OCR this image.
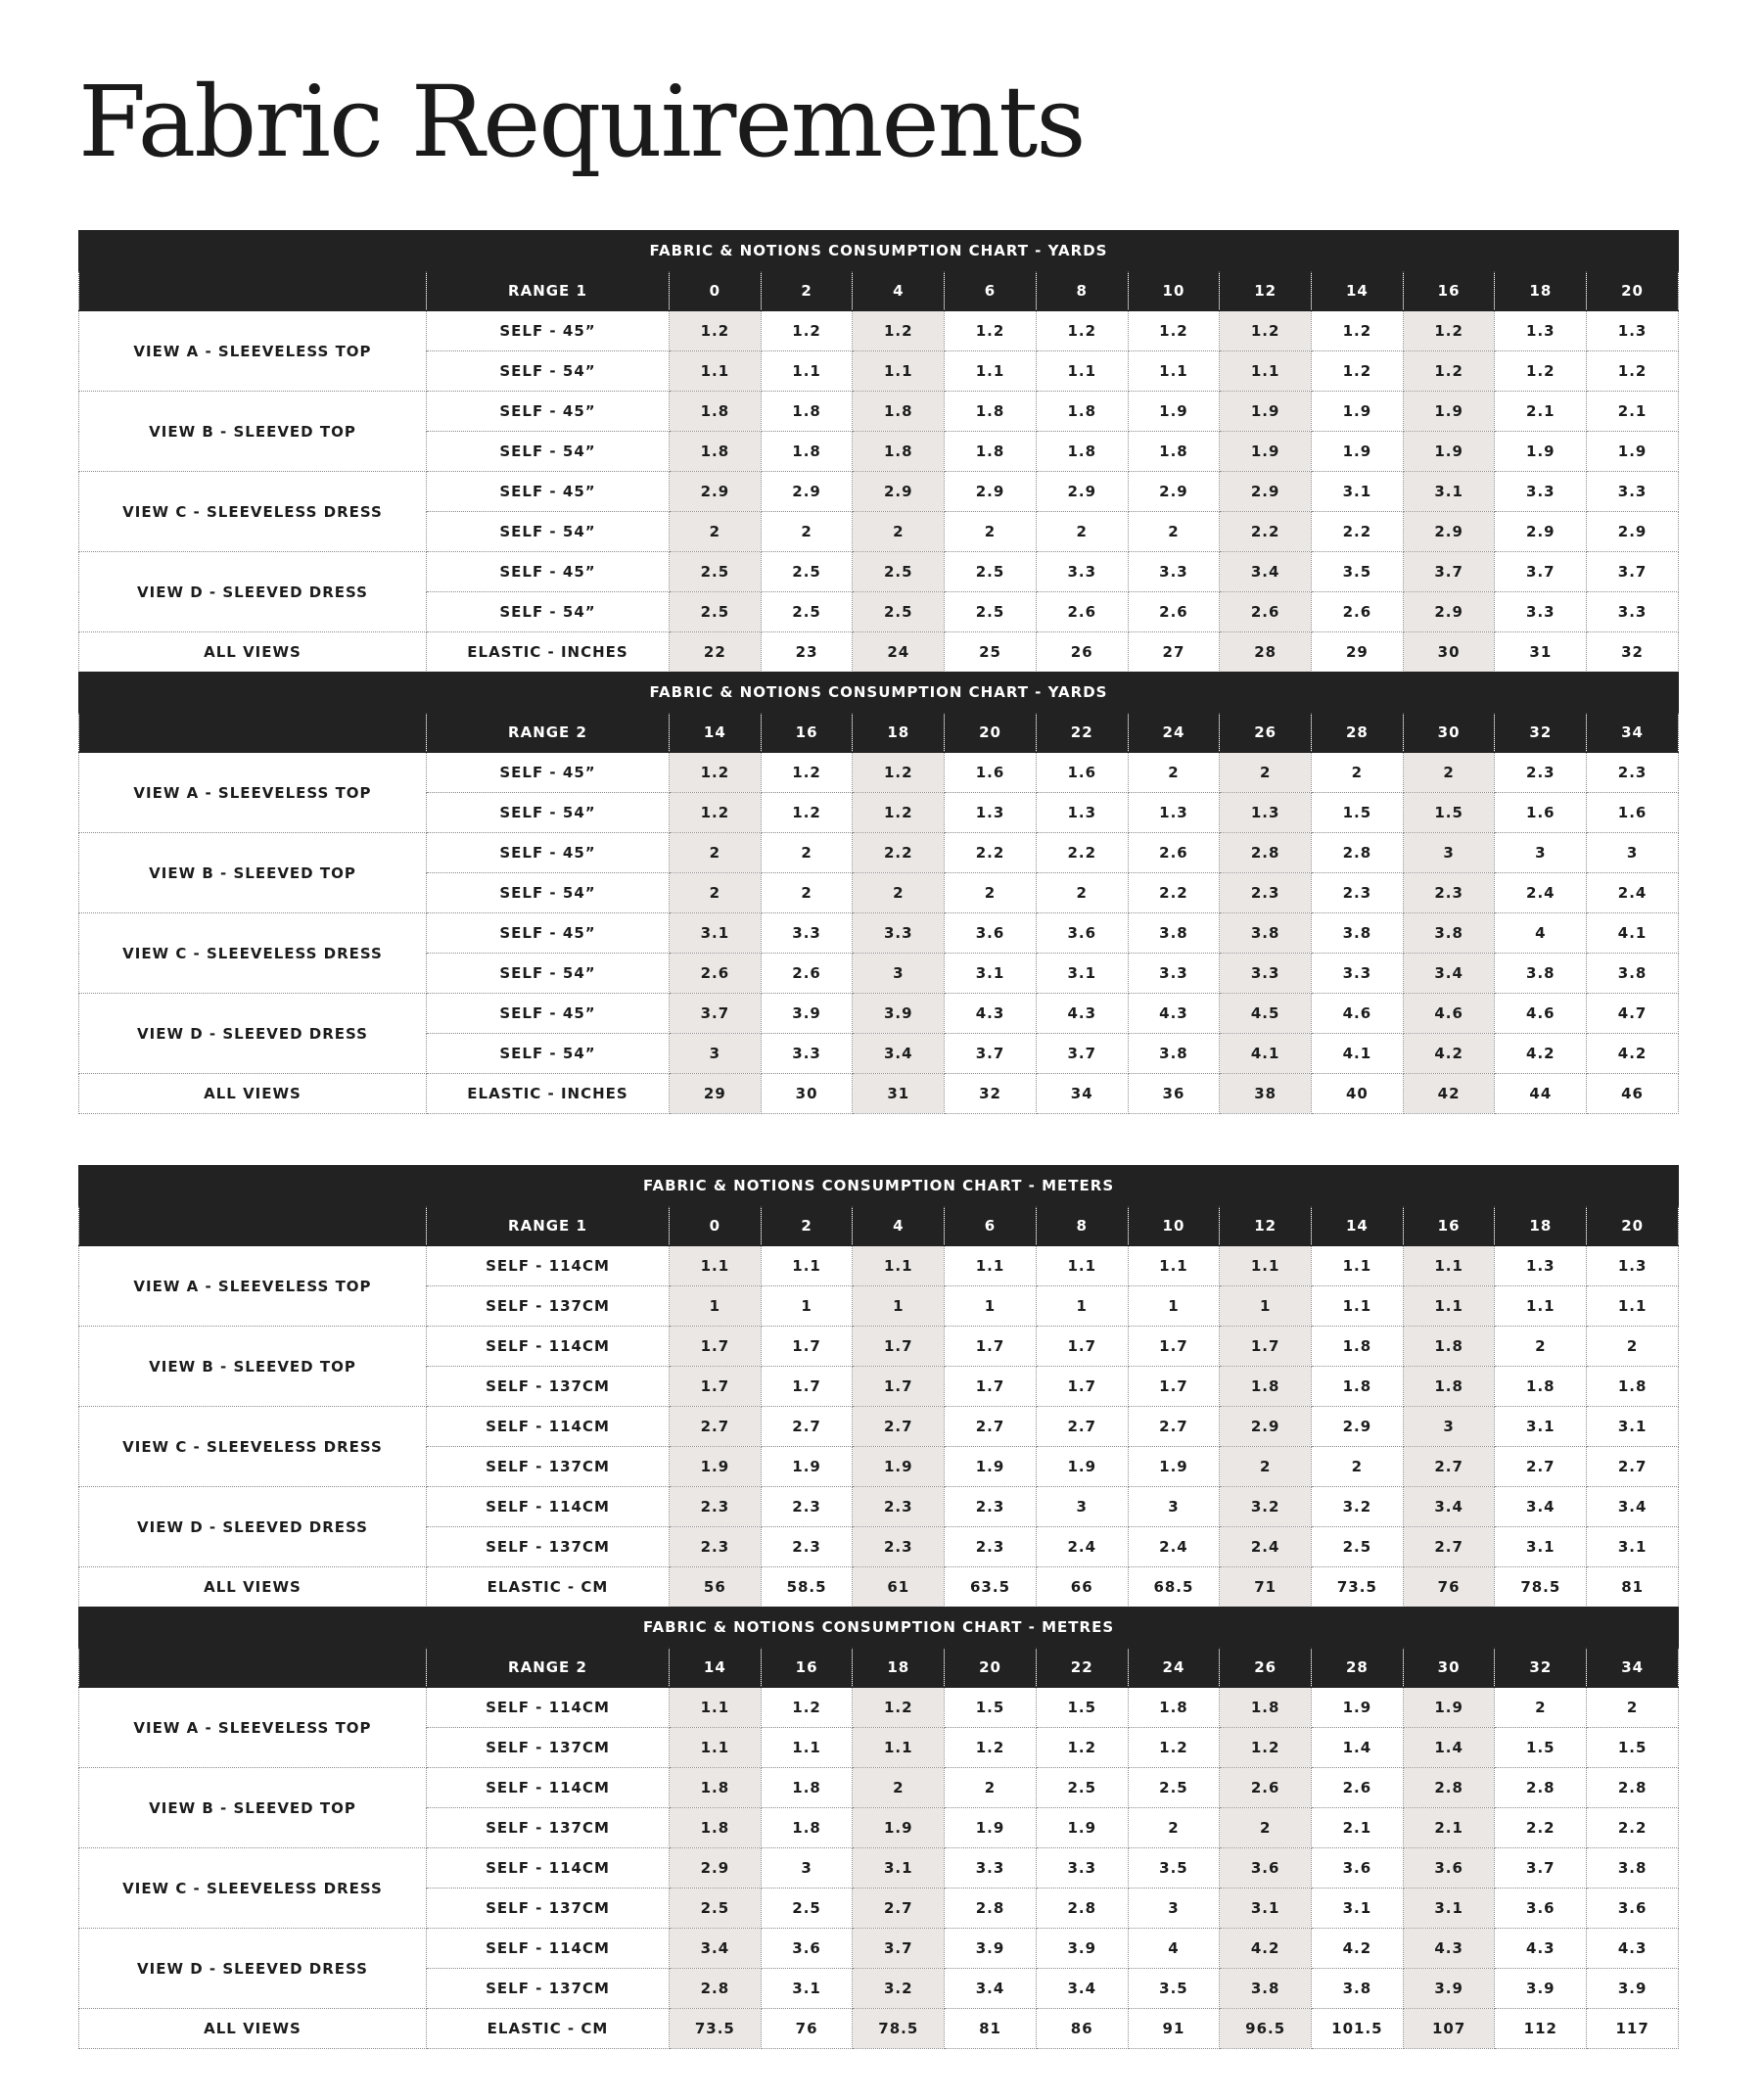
Fabric Requirements
FABRIC & NOTIONS CONSUMPTION CHART - YARDS												
	RANGE 1	0	2	4	6	8	10	12	14	16	18	20
VIEW A - SLEEVELESS TOP	SELF - 45”	1.2	1.2	1.2	1.2	1.2	1.2	1.2	1.2	1.2	1.3	1.3
	SELF - 54”	1.1	1.1	1.1	1.1	1.1	1.1	1.1	1.2	1.2	1.2	1.2
VIEW B - SLEEVED TOP	SELF - 45”	1.8	1.8	1.8	1.8	1.8	1.9	1.9	1.9	1.9	2.1	2.1
	SELF - 54”	1.8	1.8	1.8	1.8	1.8	1.8	1.9	1.9	1.9	1.9	1.9
VIEW C - SLEEVELESS DRESS	SELF - 45”	2.9	2.9	2.9	2.9	2.9	2.9	2.9	3.1	3.1	3.3	3.3
	SELF - 54”	2	2	2	2	2	2	2.2	2.2	2.9	2.9	2.9
VIEW D - SLEEVED DRESS	SELF - 45”	2.5	2.5	2.5	2.5	3.3	3.3	3.4	3.5	3.7	3.7	3.7
	SELF - 54”	2.5	2.5	2.5	2.5	2.6	2.6	2.6	2.6	2.9	3.3	3.3
ALL VIEWS	ELASTIC - INCHES	22	23	24	25	26	27	28	29	30	31	32
FABRIC & NOTIONS CONSUMPTION CHART - YARDS												
	RANGE 2	14	16	18	20	22	24	26	28	30	32	34
VIEW A - SLEEVELESS TOP	SELF - 45”	1.2	1.2	1.2	1.6	1.6	2	2	2	2	2.3	2.3
	SELF - 54”	1.2	1.2	1.2	1.3	1.3	1.3	1.3	1.5	1.5	1.6	1.6
VIEW B - SLEEVED TOP	SELF - 45”	2	2	2.2	2.2	2.2	2.6	2.8	2.8	3	3	3
	SELF - 54”	2	2	2	2	2	2.2	2.3	2.3	2.3	2.4	2.4
VIEW C - SLEEVELESS DRESS	SELF - 45”	3.1	3.3	3.3	3.6	3.6	3.8	3.8	3.8	3.8	4	4.1
	SELF - 54”	2.6	2.6	3	3.1	3.1	3.3	3.3	3.3	3.4	3.8	3.8
VIEW D - SLEEVED DRESS	SELF - 45”	3.7	3.9	3.9	4.3	4.3	4.3	4.5	4.6	4.6	4.6	4.7
	SELF - 54”	3	3.3	3.4	3.7	3.7	3.8	4.1	4.1	4.2	4.2	4.2
ALL VIEWS	ELASTIC - INCHES	29	30	31	32	34	36	38	40	42	44	46
FABRIC & NOTIONS CONSUMPTION CHART - METERS												
	RANGE 1	0	2	4	6	8	10	12	14	16	18	20
VIEW A - SLEEVELESS TOP	SELF - 114CM	1.1	1.1	1.1	1.1	1.1	1.1	1.1	1.1	1.1	1.3	1.3
	SELF - 137CM	1	1	1	1	1	1	1	1.1	1.1	1.1	1.1
VIEW B - SLEEVED TOP	SELF - 114CM	1.7	1.7	1.7	1.7	1.7	1.7	1.7	1.8	1.8	2	2
	SELF - 137CM	1.7	1.7	1.7	1.7	1.7	1.7	1.8	1.8	1.8	1.8	1.8
VIEW C - SLEEVELESS DRESS	SELF - 114CM	2.7	2.7	2.7	2.7	2.7	2.7	2.9	2.9	3	3.1	3.1
	SELF - 137CM	1.9	1.9	1.9	1.9	1.9	1.9	2	2	2.7	2.7	2.7
VIEW D - SLEEVED DRESS	SELF - 114CM	2.3	2.3	2.3	2.3	3	3	3.2	3.2	3.4	3.4	3.4
	SELF - 137CM	2.3	2.3	2.3	2.3	2.4	2.4	2.4	2.5	2.7	3.1	3.1
ALL VIEWS	ELASTIC - CM	56	58.5	61	63.5	66	68.5	71	73.5	76	78.5	81
FABRIC & NOTIONS CONSUMPTION CHART - METRES												
	RANGE 2	14	16	18	20	22	24	26	28	30	32	34
VIEW A - SLEEVELESS TOP	SELF - 114CM	1.1	1.2	1.2	1.5	1.5	1.8	1.8	1.9	1.9	2	2
	SELF - 137CM	1.1	1.1	1.1	1.2	1.2	1.2	1.2	1.4	1.4	1.5	1.5
VIEW B - SLEEVED TOP	SELF - 114CM	1.8	1.8	2	2	2.5	2.5	2.6	2.6	2.8	2.8	2.8
	SELF - 137CM	1.8	1.8	1.9	1.9	1.9	2	2	2.1	2.1	2.2	2.2
VIEW C - SLEEVELESS DRESS	SELF - 114CM	2.9	3	3.1	3.3	3.3	3.5	3.6	3.6	3.6	3.7	3.8
	SELF - 137CM	2.5	2.5	2.7	2.8	2.8	3	3.1	3.1	3.1	3.6	3.6
VIEW D - SLEEVED DRESS	SELF - 114CM	3.4	3.6	3.7	3.9	3.9	4	4.2	4.2	4.3	4.3	4.3
	SELF - 137CM	2.8	3.1	3.2	3.4	3.4	3.5	3.8	3.8	3.9	3.9	3.9
ALL VIEWS	ELASTIC - CM	73.5	76	78.5	81	86	91	96.5	101.5	107	112	117
